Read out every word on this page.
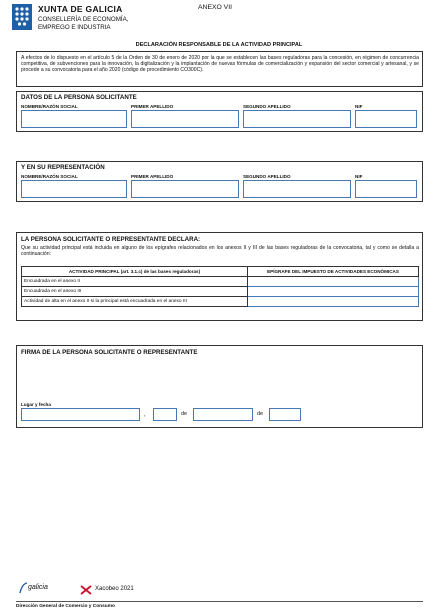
XUNTA DE GALICIA
CONSELLERÍA DE ECONOMÍA,
EMPREGO E INDUSTRIA
ANEXO VII
DECLARACIÓN RESPONSABLE DE LA ACTIVIDAD PRINCIPAL
A efectos de lo dispuesto en el artículo 5 de la Orden de 30 de enero de 2020 por la que se establecen las bases reguladoras para la concesión, en régimen de concurrencia competitiva, de subvenciones para la innovación, la digitalización y la implantación de nuevas fórmulas de comercialización y expansión del sector comercial y artesanal, y se procede a su convocatoria para el año 2020 (código de procedimiento CO300C).
DATOS DE LA PERSONA SOLICITANTE
NOMBRE/RAZÓN SOCIAL	PRIMER APELLIDO	SEGUNDO APELLIDO	NIF
Y EN SU REPRESENTACIÓN
NOMBRE/RAZÓN SOCIAL	PRIMER APELLIDO	SEGUNDO APELLIDO	NIF
LA PERSONA SOLICITANTE O REPRESENTANTE DECLARA:
Que su actividad principal está incluida en alguno de los epígrafes relacionados en los anexos II y III de las bases reguladoras de la convocatoria, tal y como se detalla a continuación:
ACTIVIDAD PRINCIPAL (art. 3.1.c) de las bases reguladoras)	EPÍGRAFE DEL IMPUESTO DE ACTIVIDADES ECONÓMICAS
Encuadrada en el anexo II	
Encuadrada en el anexo III	
Actividad de alta en el anexo II si la principal está encuadrada en el anexo III	
FIRMA DE LA PERSONA SOLICITANTE O REPRESENTANTE
Lugar y fecha
,	de	de
galicia	Xacobeo 2021
Dirección General de Comercio y Consumo
